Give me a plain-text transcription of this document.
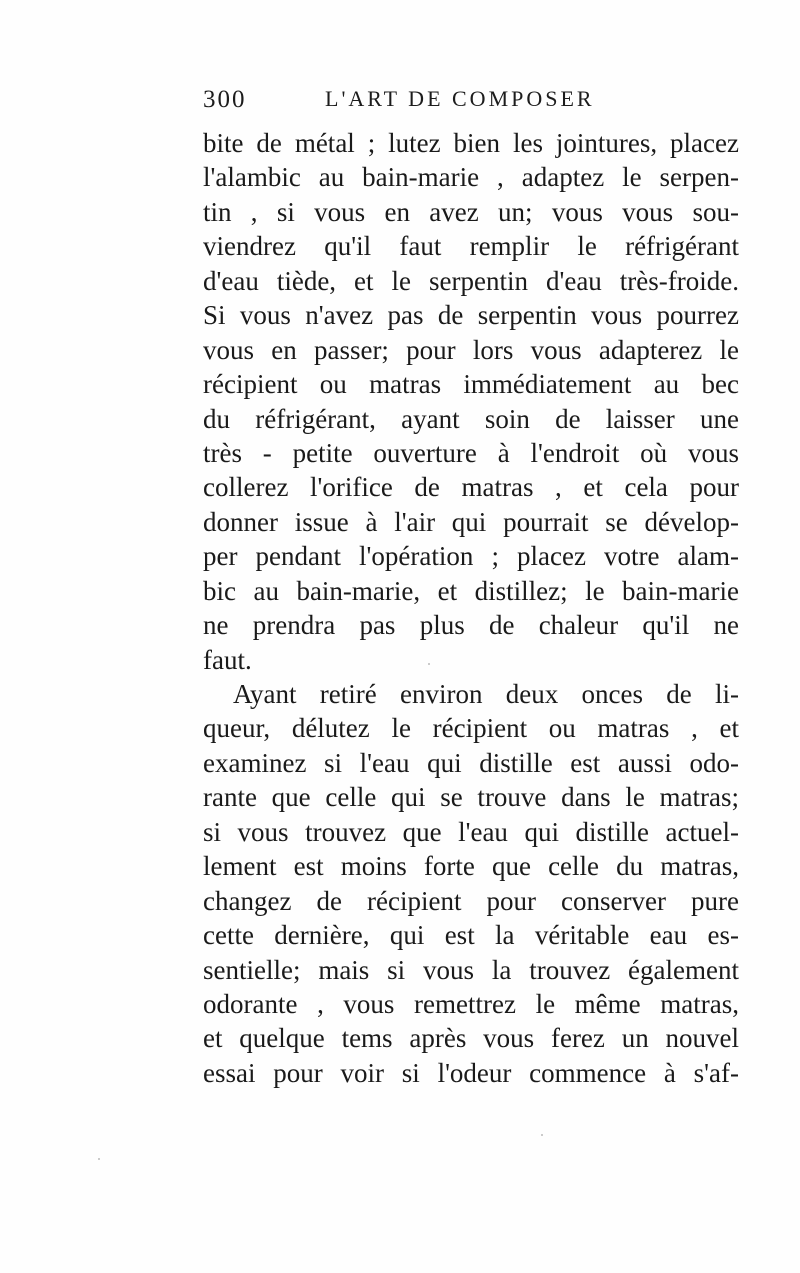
300	L'ART DE COMPOSER
bite de métal ; lutez bien les jointures, placez
l'alambic au bain-marie , adaptez le serpen-
tin , si vous en avez un; vous vous sou-
viendrez qu'il faut remplir le réfrigérant
d'eau tiède, et le serpentin d'eau très-froide.
Si vous n'avez pas de serpentin vous pourrez
vous en passer; pour lors vous adapterez le
récipient ou matras immédiatement au bec
du réfrigérant, ayant soin de laisser une
très - petite ouverture à l'endroit où vous
collerez l'orifice de matras , et cela pour
donner issue à l'air qui pourrait se dévelop-
per pendant l'opération ; placez votre alam-
bic au bain-marie, et distillez; le bain-marie
ne prendra pas plus de chaleur qu'il ne
faut.
Ayant retiré environ deux onces de li-
queur, délutez le récipient ou matras , et
examinez si l'eau qui distille est aussi odo-
rante que celle qui se trouve dans le matras;
si vous trouvez que l'eau qui distille actuel-
lement est moins forte que celle du matras,
changez de récipient pour conserver pure
cette dernière, qui est la véritable eau es-
sentielle; mais si vous la trouvez également
odorante , vous remettrez le même matras,
et quelque tems après vous ferez un nouvel
essai pour voir si l'odeur commence à s'af-
